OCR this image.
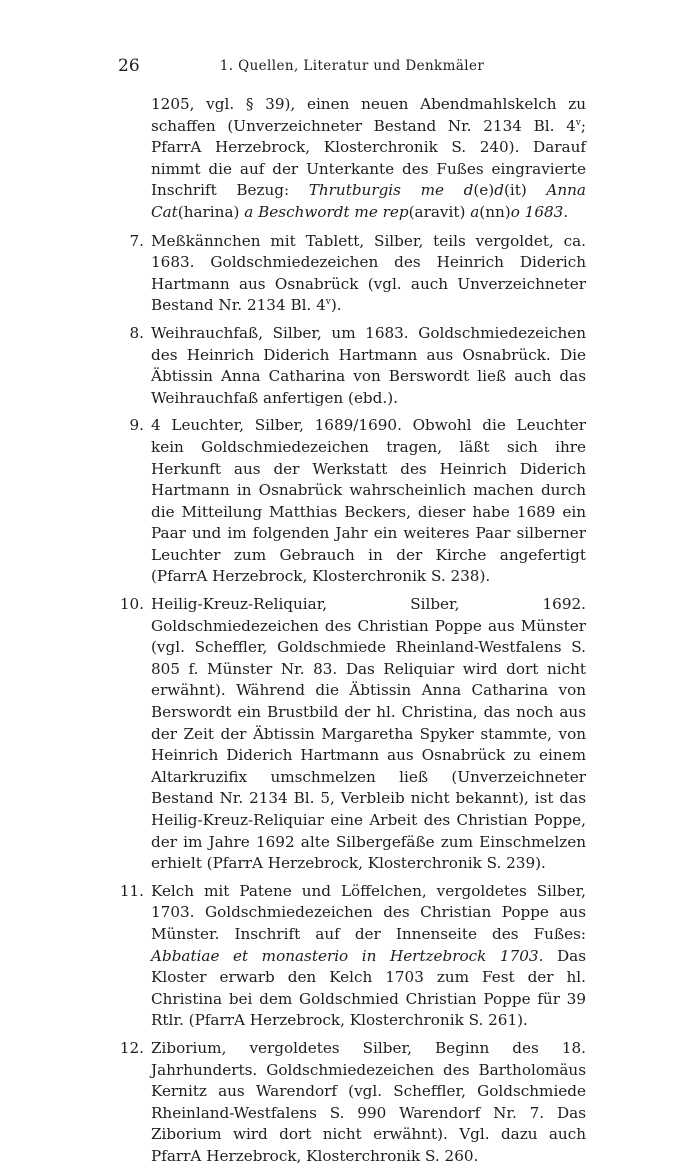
26	1. Quellen, Literatur und Denkmäler

1205, vgl. § 39), einen neuen Abendmahlskelch zu schaffen (Unverzeichneter Bestand Nr. 2134 Bl. 4$^v$; PfarrA Herzebrock, Klosterchronik S. 240). Darauf nimmt die auf der Unterkante des Fußes eingravierte Inschrift Bezug: Thrutburgis me d(e)d(it) Anna Cat(harina) a Beschwordt me rep(aravit) a(nn)o 1683.

7. Meßkännchen mit Tablett, Silber, teils vergoldet, ca. 1683. Goldschmiedezeichen des Heinrich Diderich Hartmann aus Osnabrück (vgl. auch Unverzeichneter Bestand Nr. 2134 Bl. 4$^v$).

8. Weihrauchfaß, Silber, um 1683. Goldschmiedezeichen des Heinrich Diderich Hartmann aus Osnabrück. Die Äbtissin Anna Catharina von Berswordt ließ auch das Weihrauchfaß anfertigen (ebd.).

9. 4 Leuchter, Silber, 1689/1690. Obwohl die Leuchter kein Goldschmiedezeichen tragen, läßt sich ihre Herkunft aus der Werkstatt des Heinrich Diderich Hartmann in Osnabrück wahrscheinlich machen durch die Mitteilung Matthias Beckers, dieser habe 1689 ein Paar und im folgenden Jahr ein weiteres Paar silberner Leuchter zum Gebrauch in der Kirche angefertigt (PfarrA Herzebrock, Klosterchronik S. 238).

10. Heilig-Kreuz-Reliquiar, Silber, 1692. Goldschmiedezeichen des Christian Poppe aus Münster (vgl. Scheffler, Goldschmiede Rheinland-Westfalens S. 805 f. Münster Nr. 83. Das Reliquiar wird dort nicht erwähnt). Während die Äbtissin Anna Catharina von Berswordt ein Brustbild der hl. Christina, das noch aus der Zeit der Äbtissin Margaretha Spyker stammte, von Heinrich Diderich Hartmann aus Osnabrück zu einem Altarkruzifix umschmelzen ließ (Unverzeichneter Bestand Nr. 2134 Bl. 5, Verbleib nicht bekannt), ist das Heilig-Kreuz-Reliquiar eine Arbeit des Christian Poppe, der im Jahre 1692 alte Silbergefäße zum Einschmelzen erhielt (PfarrA Herzebrock, Klosterchronik S. 239).

11. Kelch mit Patene und Löffelchen, vergoldetes Silber, 1703. Goldschmiedezeichen des Christian Poppe aus Münster. Inschrift auf der Innenseite des Fußes: Abbatiae et monasterio in Hertzebrock 1703. Das Kloster erwarb den Kelch 1703 zum Fest der hl. Christina bei dem Goldschmied Christian Poppe für 39 Rtlr. (PfarrA Herzebrock, Klosterchronik S. 261).

12. Ziborium, vergoldetes Silber, Beginn des 18. Jahrhunderts. Goldschmiedezeichen des Bartholomäus Kernitz aus Warendorf (vgl. Scheffler, Goldschmiede Rheinland-Westfalens S. 990 Warendorf Nr. 7. Das Ziborium wird dort nicht erwähnt). Vgl. dazu auch PfarrA Herzebrock, Klosterchronik S. 260.
